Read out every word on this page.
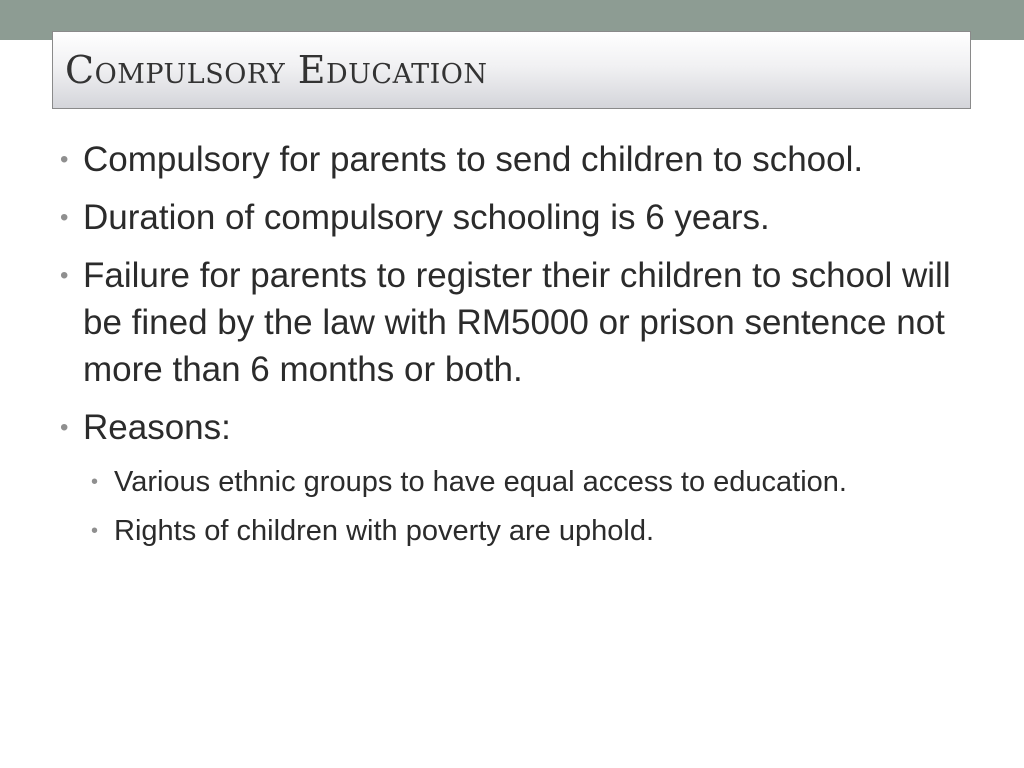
Compulsory Education
• Compulsory for parents to send children to school.
• Duration of compulsory schooling is 6 years.
• Failure for parents to register their children to school will be fined by the law with RM5000 or prison sentence not more than 6 months or both.
• Reasons:
• Various ethnic groups to have equal access to education.
• Rights of children with poverty are uphold.
